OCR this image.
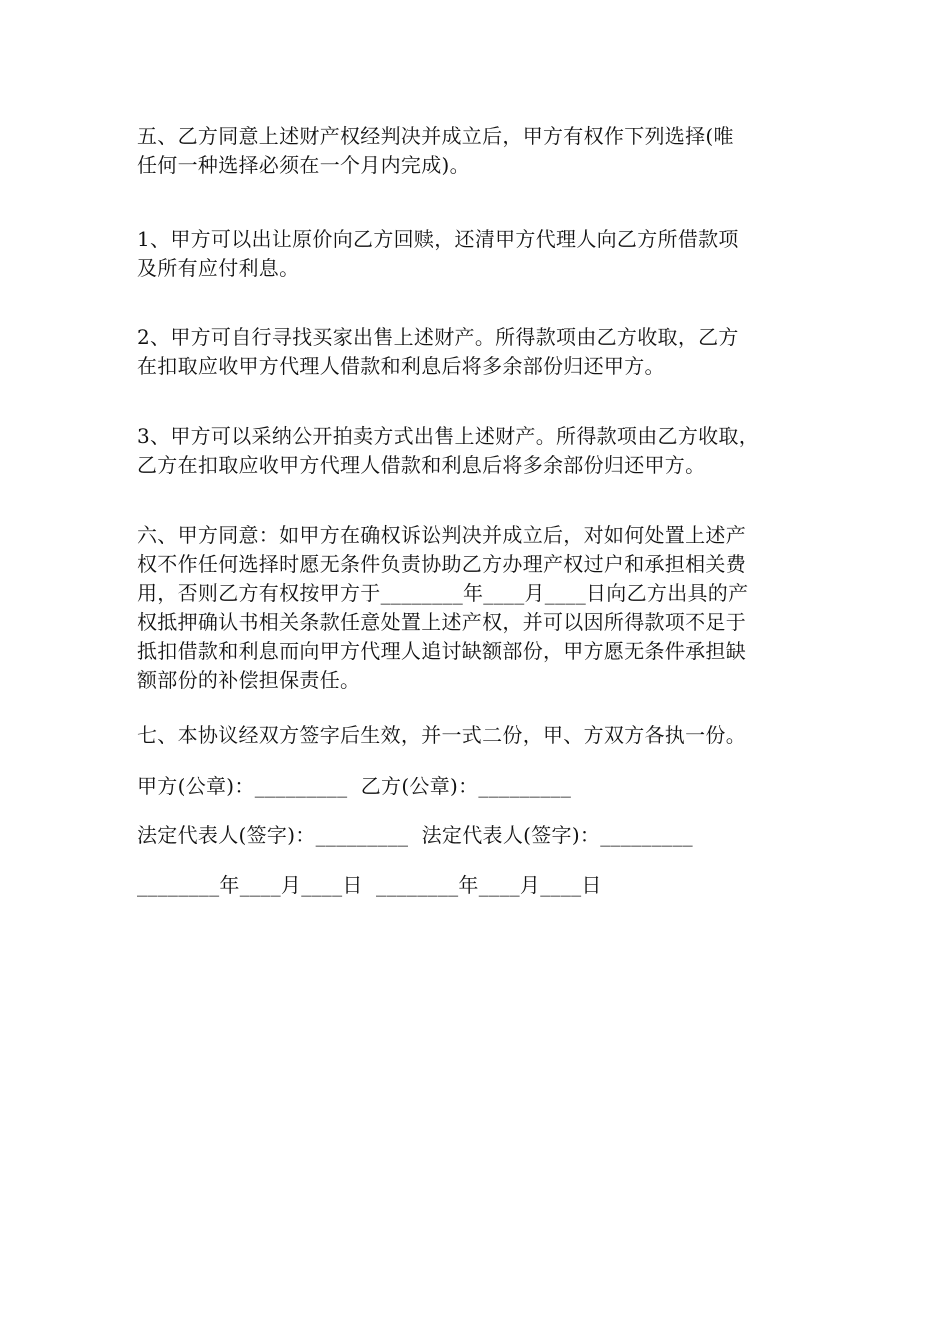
五、乙方同意上述财产权经判决并成立后，甲方有权作下列选择(唯
任何一种选择必须在一个月内完成)。
1、甲方可以出让原价向乙方回赎，还清甲方代理人向乙方所借款项
及所有应付利息。
2、甲方可自行寻找买家出售上述财产。所得款项由乙方收取，乙方
在扣取应收甲方代理人借款和利息后将多余部份归还甲方。
3、甲方可以采纳公开拍卖方式出售上述财产。所得款项由乙方收取，
乙方在扣取应收甲方代理人借款和利息后将多余部份归还甲方。
六、甲方同意：如甲方在确权诉讼判决并成立后，对如何处置上述产
权不作任何选择时愿无条件负责协助乙方办理产权过户和承担相关费
用，否则乙方有权按甲方于________年____月____日向乙方出具的产
权抵押确认书相关条款任意处置上述产权，并可以因所得款项不足于
抵扣借款和利息而向甲方代理人追讨缺额部份，甲方愿无条件承担缺
额部份的补偿担保责任。
七、本协议经双方签字后生效，并一式二份，甲、方双方各执一份。
甲方(公章)：_________  乙方(公章)：_________
法定代表人(签字)：_________  法定代表人(签字)：_________
________年____月____日  ________年____月____日
